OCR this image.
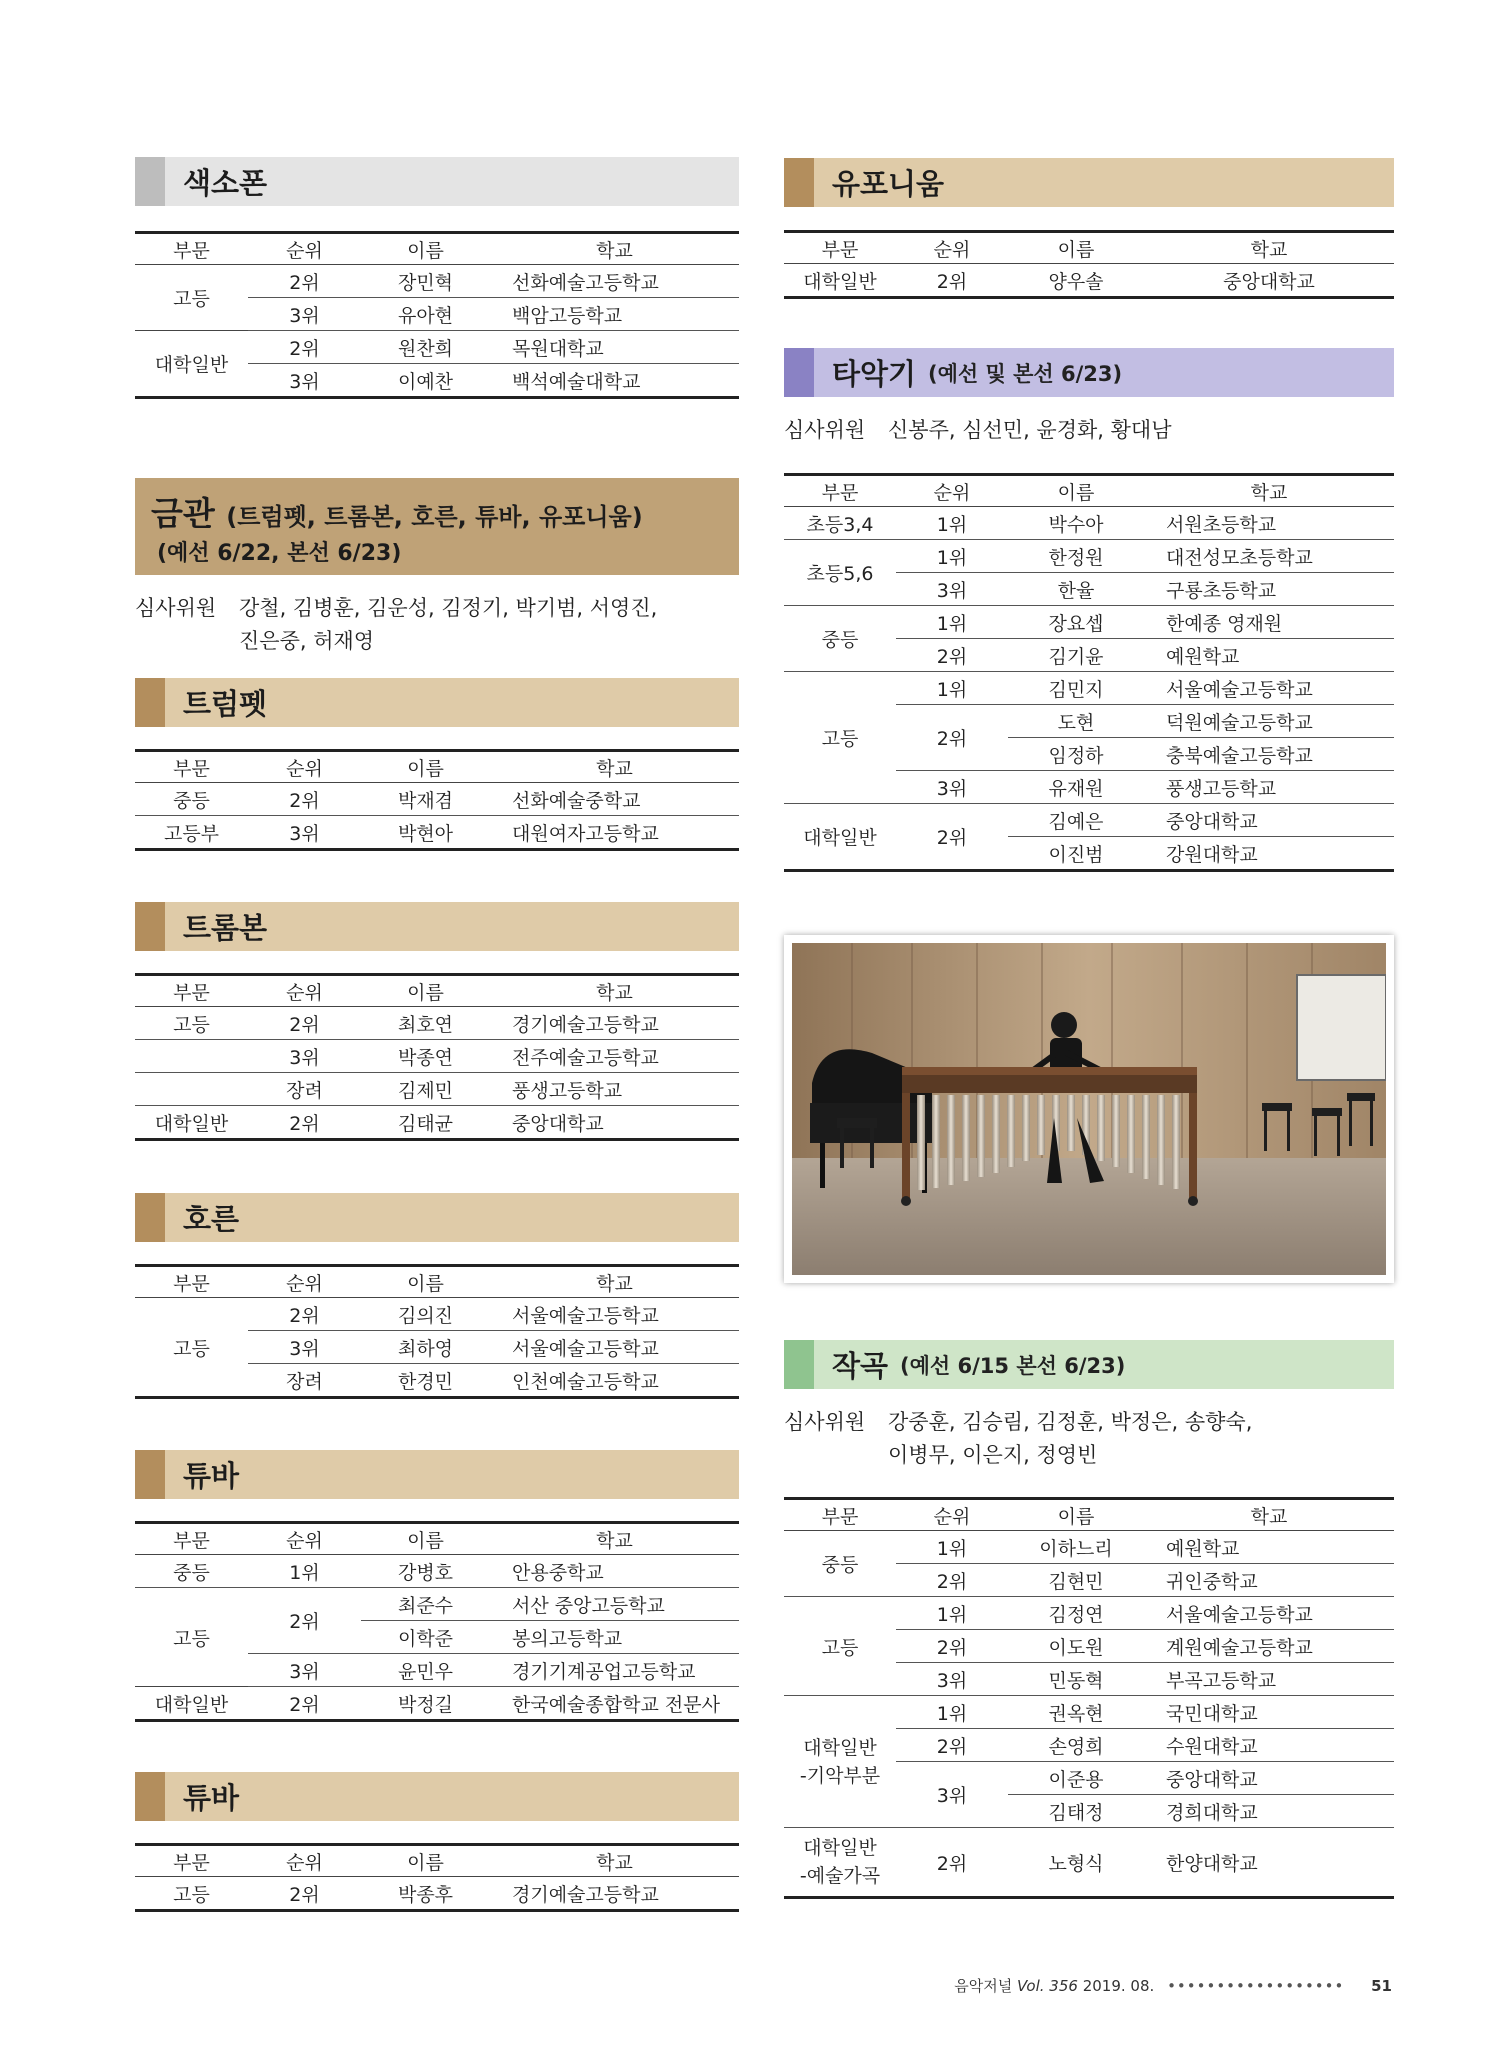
색소폰
부문	순위	이름	학교
고등	2위	장민혁	선화예술고등학교
	3위	유아현	백암고등학교
대학일반	2위	원찬희	목원대학교
	3위	이예찬	백석예술대학교
금관 (트럼펫, 트롬본, 호른, 튜바, 유포니움)
(예선 6/22, 본선 6/23)
심사위원 강철, 김병훈, 김운성, 김정기, 박기범, 서영진,
진은중, 허재영
트럼펫
부문	순위	이름	학교
중등	2위	박재겸	선화예술중학교
고등부	3위	박현아	대원여자고등학교
트롬본
부문	순위	이름	학교
고등	2위	최호연	경기예술고등학교
	3위	박종연	전주예술고등학교
	장려	김제민	풍생고등학교
대학일반	2위	김태균	중앙대학교
호른
부문	순위	이름	학교
고등	2위	김의진	서울예술고등학교
	3위	최하영	서울예술고등학교
	장려	한경민	인천예술고등학교
튜바
부문	순위	이름	학교
중등	1위	강병호	안용중학교
고등	2위	최준수	서산 중앙고등학교
		이학준	봉의고등학교
	3위	윤민우	경기기계공업고등학교
대학일반	2위	박정길	한국예술종합학교 전문사
튜바
부문	순위	이름	학교
고등	2위	박종후	경기예술고등학교
유포니움
부문	순위	이름	학교
대학일반	2위	양우솔	중앙대학교
타악기 (예선 및 본선 6/23)
심사위원 신봉주, 심선민, 윤경화, 황대남
부문	순위	이름	학교
초등3,4	1위	박수아	서원초등학교
초등5,6	1위	한정원	대전성모초등학교
	3위	한율	구룡초등학교
중등	1위	장요셉	한예종 영재원
	2위	김기윤	예원학교
고등	1위	김민지	서울예술고등학교
	2위	도현	덕원예술고등학교
		임정하	충북예술고등학교
	3위	유재원	풍생고등학교
대학일반	2위	김예은	중앙대학교
		이진범	강원대학교
작곡 (예선 6/15 본선 6/23)
심사위원 강중훈, 김승림, 김정훈, 박정은, 송향숙,
이병무, 이은지, 정영빈
부문	순위	이름	학교
중등	1위	이하느리	예원학교
	2위	김현민	귀인중학교
고등	1위	김정연	서울예술고등학교
	2위	이도원	계원예술고등학교
	3위	민동혁	부곡고등학교

대학일반
-기악부분	1위	권옥현	국민대학교
	2위	손영희	수원대학교
	3위	이준용	중앙대학교
		김태정	경희대학교

대학일반
-예술가곡	2위	노형식	한양대학교
음악저널 Vol. 356 2019. 08. •••••••••••••••••• 51
